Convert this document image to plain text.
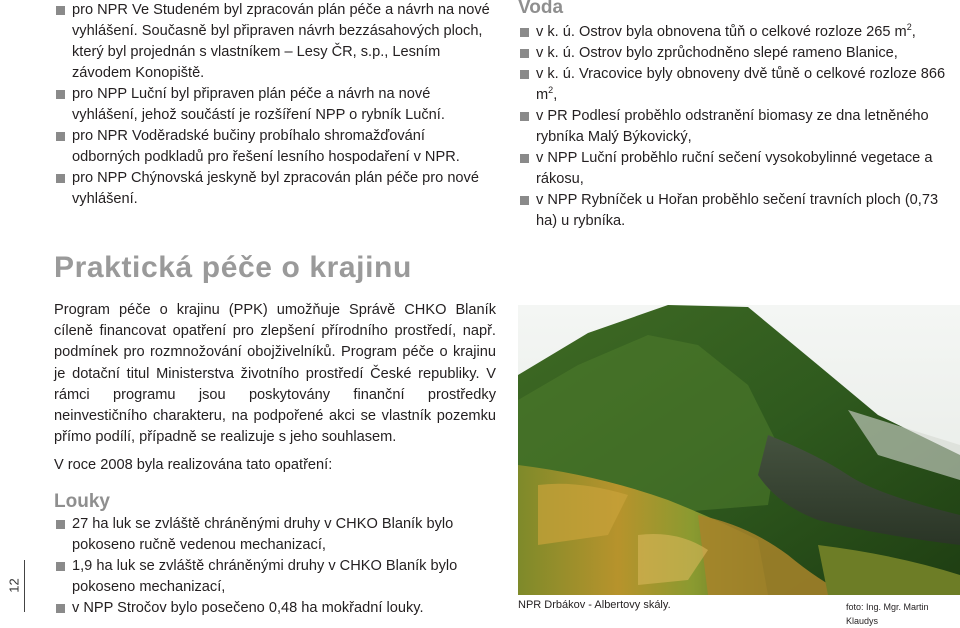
pro NPR Ve Studeném byl zpracován plán péče a návrh na nové vyhlášení. Současně byl připraven návrh bezzásahových ploch, který byl projednán s vlastníkem – Lesy ČR, s.p., Lesním závodem Konopiště.
pro NPP Luční byl připraven plán péče a návrh na nové vyhlášení, jehož součástí je rozšíření NPP o rybník Luční.
pro NPR Voděradské bučiny probíhalo shromažďování odborných podkladů pro řešení lesního hospodaření v NPR.
pro NPP Chýnovská jeskyně byl zpracován plán péče pro nové vyhlášení.
Praktická péče o krajinu

Program péče o krajinu (PPK) umožňuje Správě CHKO Blaník cíleně financovat opatření pro zlepšení přírodního prostředí, např. podmínek pro rozmnožování obojživelníků. Program péče o krajinu je dotační titul Ministerstva životního prostředí České republiky. V rámci programu jsou poskytovány finanční prostředky neinvestičního charakteru, na podpořené akci se vlastník pozemku přímo podílí, případně se realizuje s jeho souhlasem.

V roce 2008 byla realizována tato opatření:

Louky
27 ha luk se zvláště chráněnými druhy v CHKO Blaník bylo pokoseno ručně vedenou mechanizací,
1,9 ha luk se zvláště chráněnými druhy v CHKO Blaník bylo pokoseno mechanizací,
v NPP Stročov bylo posečeno 0,48 ha mokřadní louky.
Voda
v k. ú. Ostrov byla obnovena tůň o celkové rozloze 265 $m^2$,
v k. ú. Ostrov bylo zprůchodněno slepé rameno Blanice,
v k. ú. Vracovice byly obnoveny dvě tůně o celkové rozloze 866 $m^2$,
v PR Podlesí proběhlo odstranění biomasy ze dna letněného rybníka Malý Býkovický,
v NPP Luční proběhlo ruční sečení vysokobylinné vegetace a rákosu,
v NPP Rybníček u Hořan proběhlo sečení travních ploch (0,73 ha) u rybníka.
NPR Drbákov - Albertovy skály.	foto: Ing. Mgr. Martin Klaudys
12
